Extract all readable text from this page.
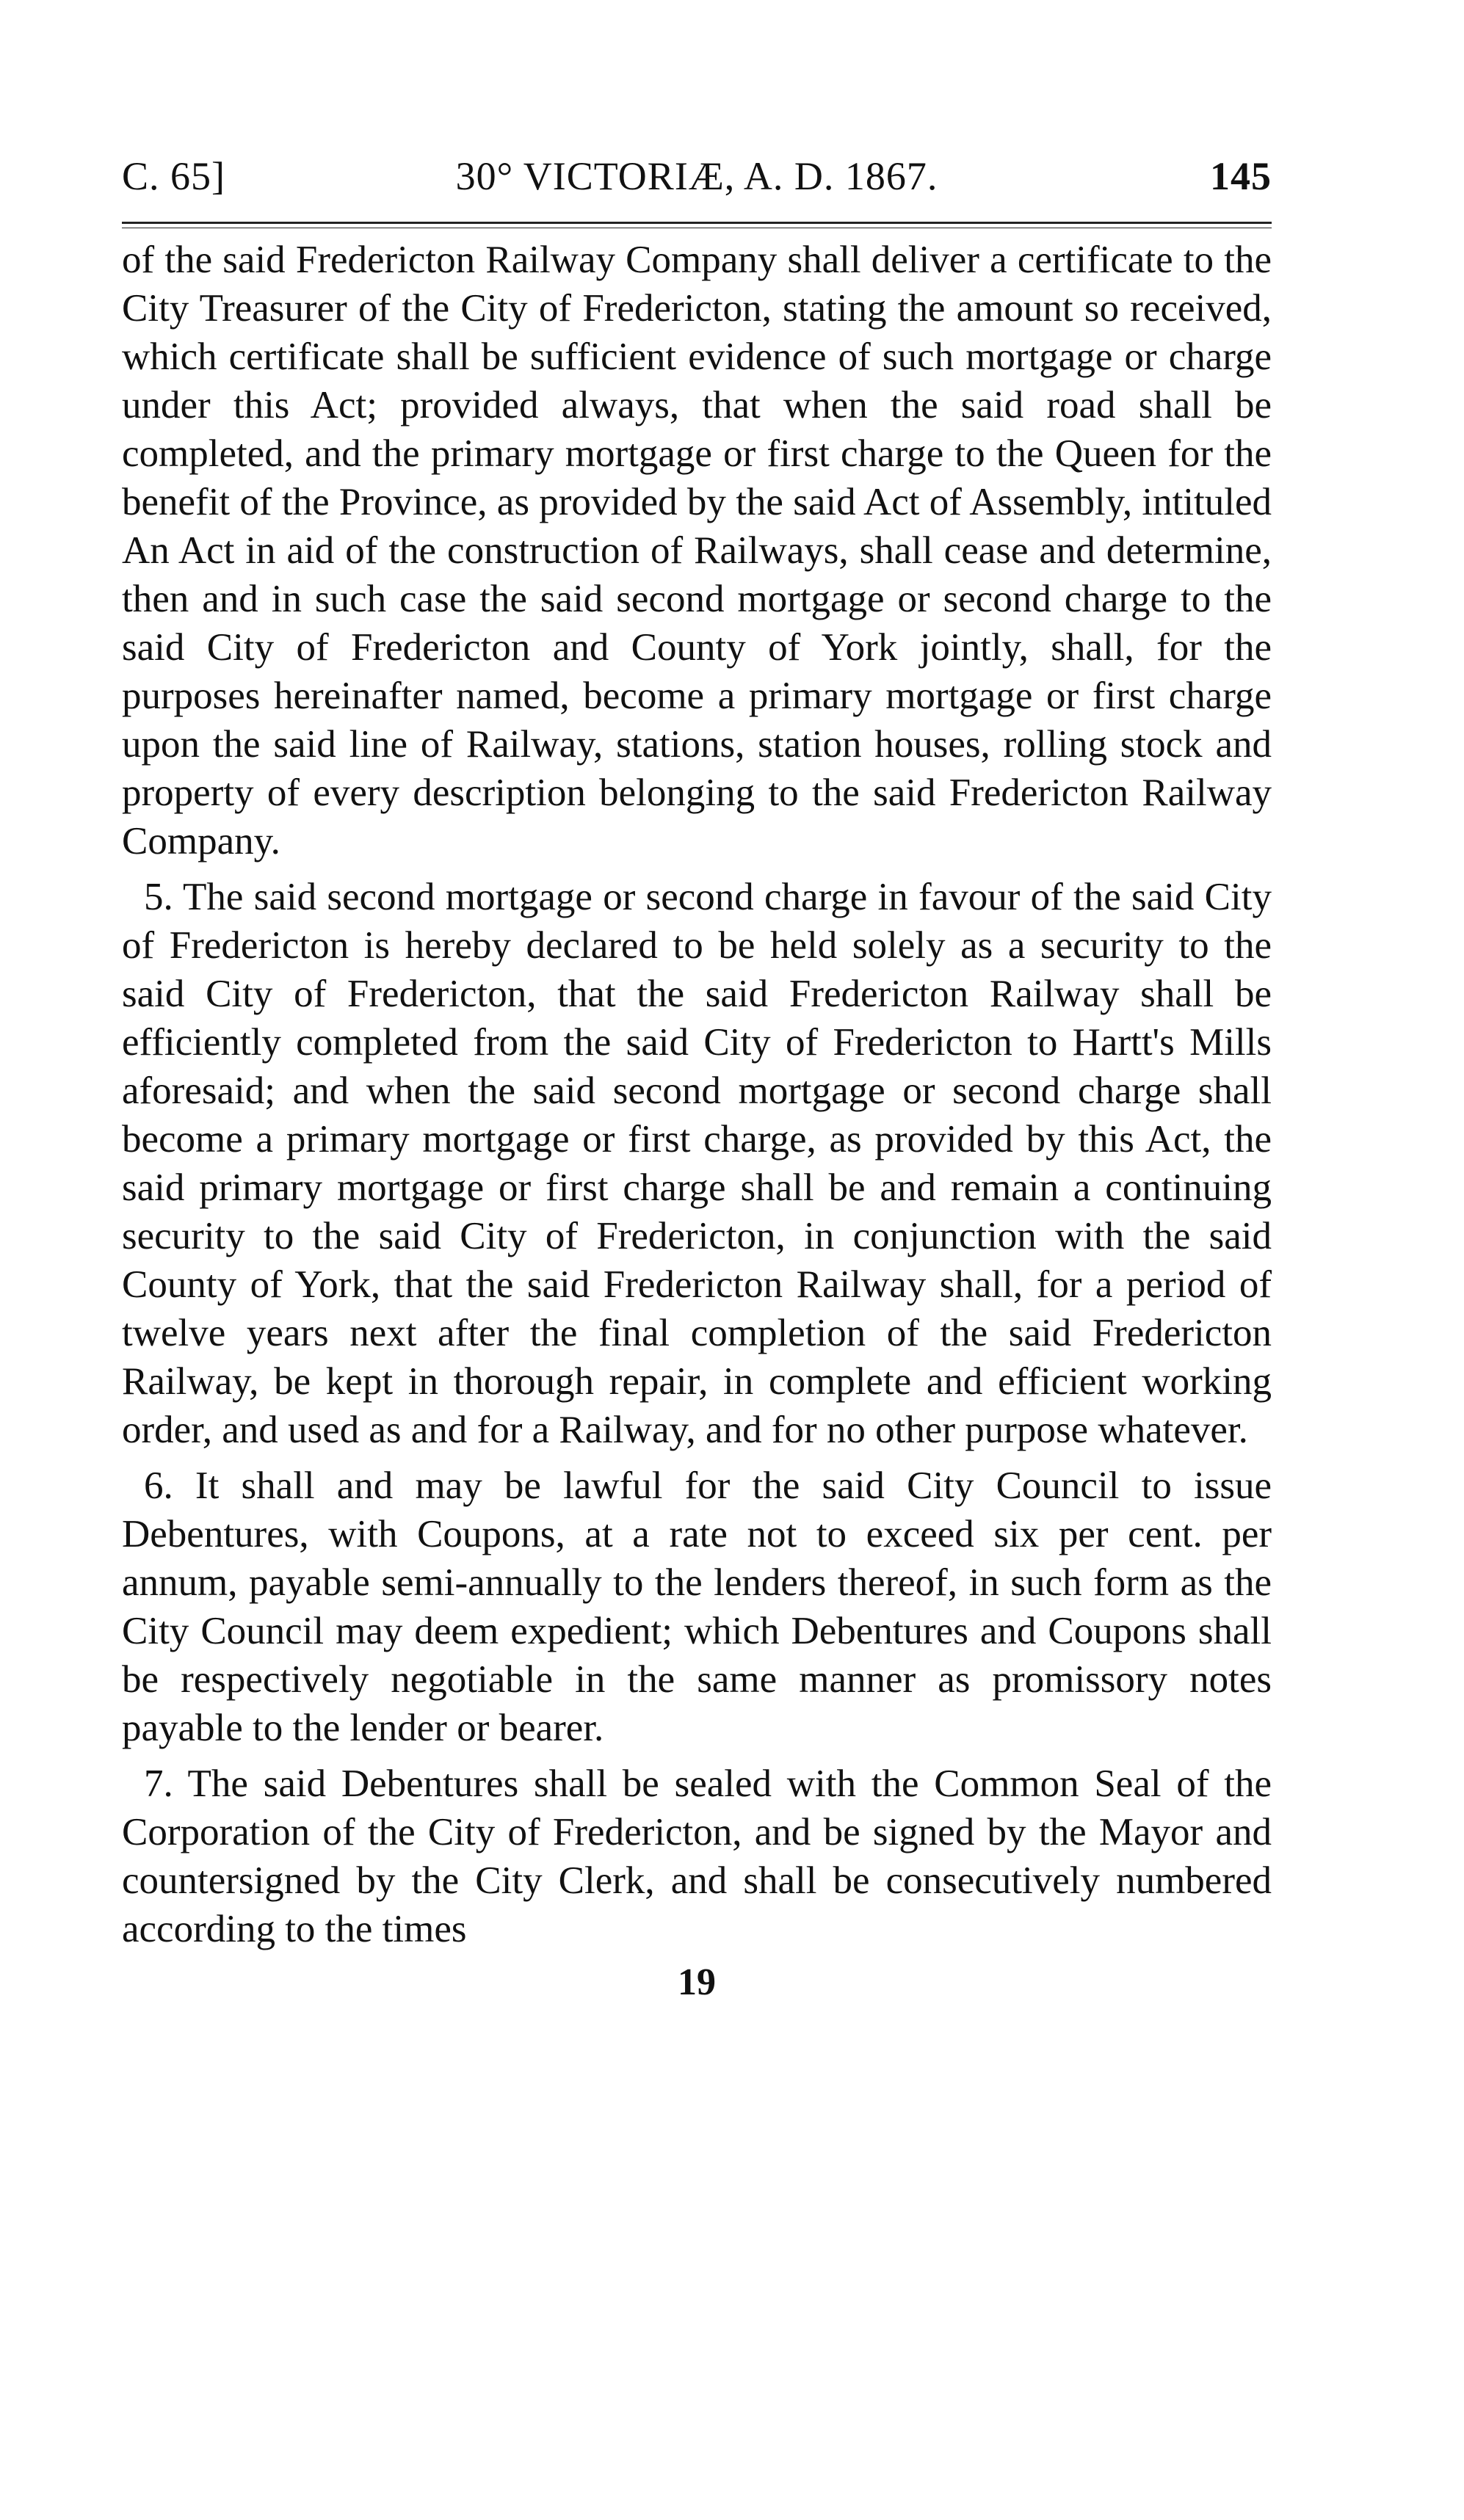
C. 65]	30° VICTORIÆ, A. D. 1867.	145

of the said Fredericton Railway Company shall deliver a certificate to the City Treasurer of the City of Fredericton, stating the amount so received, which certificate shall be sufficient evidence of such mortgage or charge under this Act; provided always, that when the said road shall be completed, and the primary mortgage or first charge to the Queen for the benefit of the Province, as provided by the said Act of Assembly, intituled An Act in aid of the construction of Railways, shall cease and determine, then and in such case the said second mortgage or second charge to the said City of Fredericton and County of York jointly, shall, for the purposes hereinafter named, become a primary mortgage or first charge upon the said line of Railway, stations, station houses, rolling stock and property of every description belonging to the said Fredericton Railway Company.

5. The said second mortgage or second charge in favour of the said City of Fredericton is hereby declared to be held solely as a security to the said City of Fredericton, that the said Fredericton Railway shall be efficiently completed from the said City of Fredericton to Hartt's Mills aforesaid; and when the said second mortgage or second charge shall become a primary mortgage or first charge, as provided by this Act, the said primary mortgage or first charge shall be and remain a continuing security to the said City of Fredericton, in conjunction with the said County of York, that the said Fredericton Railway shall, for a period of twelve years next after the final completion of the said Fredericton Railway, be kept in thorough repair, in complete and efficient working order, and used as and for a Railway, and for no other purpose whatever.

6. It shall and may be lawful for the said City Council to issue Debentures, with Coupons, at a rate not to exceed six per cent. per annum, payable semi-annually to the lenders thereof, in such form as the City Council may deem expedient; which Debentures and Coupons shall be respectively negotiable in the same manner as promissory notes payable to the lender or bearer.

7. The said Debentures shall be sealed with the Common Seal of the Corporation of the City of Fredericton, and be signed by the Mayor and countersigned by the City Clerk, and shall be consecutively numbered according to the times

19
